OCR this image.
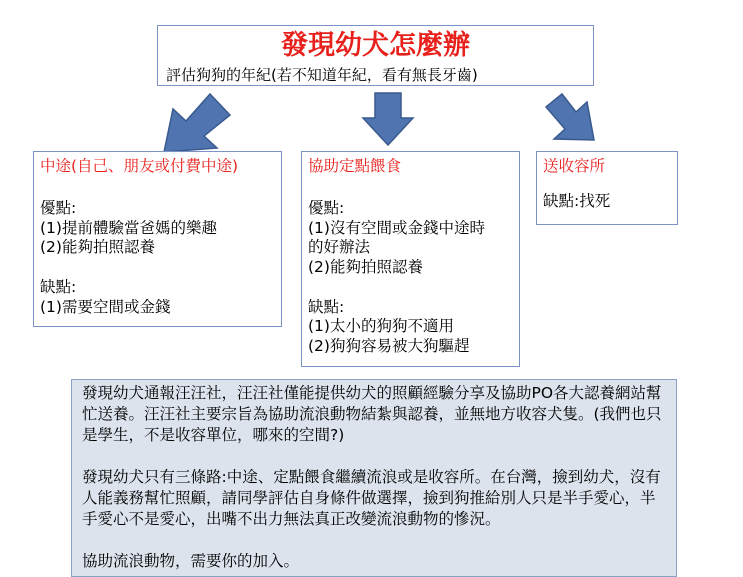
發現幼犬怎麼辦
評估狗狗的年紀(若不知道年紀，看有無長牙齒)
中途(自己、朋友或付費中途)
優點:
(1)提前體驗當爸媽的樂趣
(2)能夠拍照認養
缺點:
(1)需要空間或金錢
協助定點餵食
優點:
(1)沒有空間或金錢中途時
的好辦法
(2)能夠拍照認養
缺點:
(1)太小的狗狗不適用
(2)狗狗容易被大狗驅趕
送收容所
缺點:找死
發現幼犬通報汪汪社，汪汪社僅能提供幼犬的照顧經驗分享及協助PO各大認養網站幫忙送養。汪汪社主要宗旨為協助流浪動物結紮與認養，並無地方收容犬隻。(我們也只是學生，不是收容單位，哪來的空間?)
發現幼犬只有三條路:中途、定點餵食繼續流浪或是收容所。在台灣，撿到幼犬，沒有人能義務幫忙照顧，請同學評估自身條件做選擇，撿到狗推給別人只是半手愛心，半手愛心不是愛心，出嘴不出力無法真正改變流浪動物的慘況。
協助流浪動物，需要你的加入。
